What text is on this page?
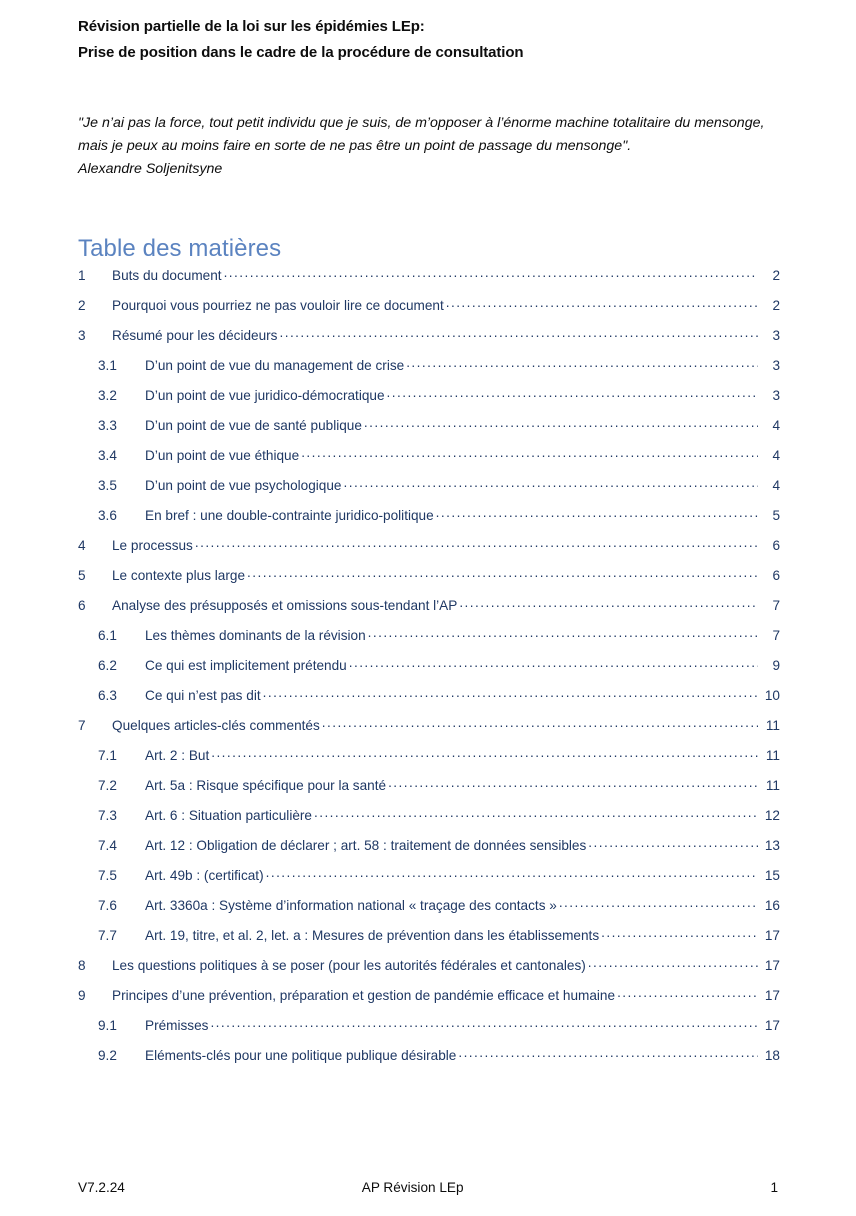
Révision partielle de la loi sur les épidémies LEp:
Prise de position dans le cadre de la procédure de consultation
"Je n’ai pas la force, tout petit individu que je suis, de m’opposer à l’énorme machine totalitaire du mensonge, mais je peux au moins faire en sorte de ne pas être un point de passage du mensonge".
Alexandre Soljenitsyne
Table des matières
1	Buts du document .....	2
2	Pourquoi vous pourriez ne pas vouloir lire ce document .....	2
3	Résumé pour les décideurs .....	3
3.1	D’un point de vue du management de crise .....	3
3.2	D’un point de vue juridico-démocratique .....	3
3.3	D’un point de vue de santé publique .....	4
3.4	D’un point de vue éthique .....	4
3.5	D’un point de vue psychologique .....	4
3.6	En bref : une double-contrainte juridico-politique .....	5
4	Le processus .....	6
5	Le contexte plus large .....	6
6	Analyse des présupposés et omissions sous-tendant l’AP .....	7
6.1	Les thèmes dominants de la révision .....	7
6.2	Ce qui est implicitement prétendu .....	9
6.3	Ce qui n’est pas dit .....	10
7	Quelques articles-clés commentés .....	11
7.1	Art. 2 : But .....	11
7.2	Art. 5a : Risque spécifique pour la santé .....	11
7.3	Art. 6 : Situation particulière .....	12
7.4	Art. 12 : Obligation de déclarer ; art. 58 : traitement de données sensibles .....	13
7.5	Art. 49b : (certificat) .....	15
7.6	Art. 3360a : Système d’information national « traçage des contacts » .....	16
7.7	Art. 19, titre, et al. 2, let. a : Mesures de prévention dans les établissements .....	17
8	Les questions politiques à se poser (pour les autorités fédérales et cantonales) .....	17
9	Principes d’une prévention, préparation et gestion de pandémie efficace et humaine .....	17
9.1	Prémisses .....	17
9.2	Eléments-clés pour une politique publique désirable .....	18
V7.2.24	AP Révision LEp	1
